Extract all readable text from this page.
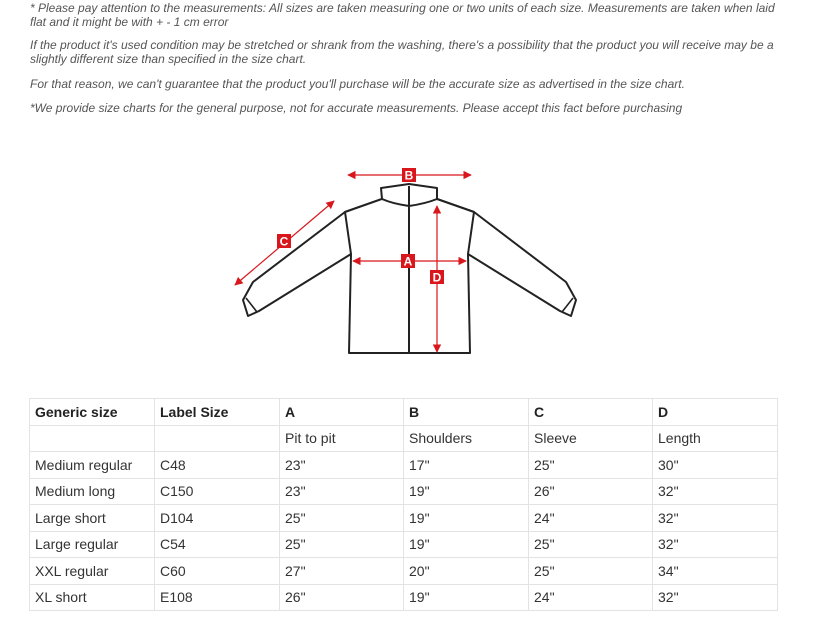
* Please pay attention to the measurements: All sizes are taken measuring one or two units of each size. Measurements are taken when laid flat and it might be with + - 1 cm error

If the product it's used condition may be stretched or shrank from the washing, there's a possibility that the product you will receive may be a slightly different size than specified in the size chart.

For that reason, we can't guarantee that the product you'll purchase will be the accurate size as advertised in the size chart.

*We provide size charts for the general purpose, not for accurate measurements. Please accept this fact before purchasing

B
C
A
D
Generic size	Label Size	A	B	C	D
		Pit to pit	Shoulders	Sleeve	Length
Medium regular	C48	23"	17"	25"	30"
Medium long	C150	23"	19"	26"	32"
Large short	D104	25"	19"	24"	32"
Large regular	C54	25"	19"	25"	32"
XXL regular	C60	27"	20"	25"	34"
XL short	E108	26"	19"	24"	32"
